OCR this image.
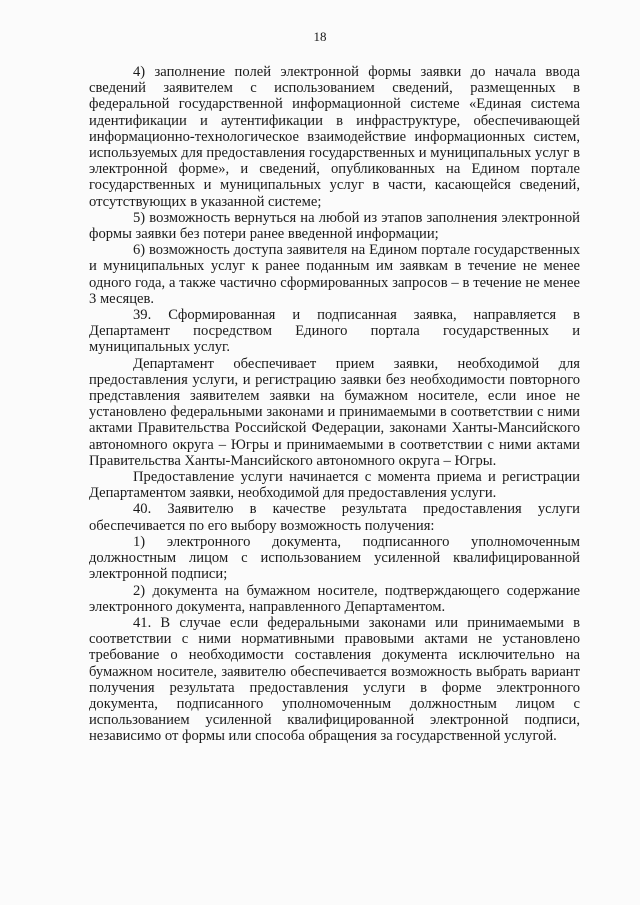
18

4) заполнение полей электронной формы заявки до начала ввода сведений заявителем с использованием сведений, размещенных в федеральной государственной информационной системе «Единая система идентификации и аутентификации в инфраструктуре, обеспечивающей информационно-технологическое взаимодействие информационных систем, используемых для предоставления государственных и муниципальных услуг в электронной форме», и сведений, опубликованных на Едином портале государственных и муниципальных услуг в части, касающейся сведений, отсутствующих в указанной системе;

5) возможность вернуться на любой из этапов заполнения электронной формы заявки без потери ранее введенной информации;

6) возможность доступа заявителя на Едином портале государственных и муниципальных услуг к ранее поданным им заявкам в течение не менее одного года, а также частично сформированных запросов – в течение не менее 3 месяцев.

39. Сформированная и подписанная заявка, направляется в Департамент посредством Единого портала государственных и муниципальных услуг.

Департамент обеспечивает прием заявки, необходимой для предоставления услуги, и регистрацию заявки без необходимости повторного представления заявителем заявки на бумажном носителе, если иное не установлено федеральными законами и принимаемыми в соответствии с ними актами Правительства Российской Федерации, законами Ханты-Мансийского автономного округа – Югры и принимаемыми в соответствии с ними актами Правительства Ханты-Мансийского автономного округа – Югры.

Предоставление услуги начинается с момента приема и регистрации Департаментом заявки, необходимой для предоставления услуги.

40. Заявителю в качестве результата предоставления услуги обеспечивается по его выбору возможность получения:

1) электронного документа, подписанного уполномоченным должностным лицом с использованием усиленной квалифицированной электронной подписи;

2) документа на бумажном носителе, подтверждающего содержание электронного документа, направленного Департаментом.

41. В случае если федеральными законами или принимаемыми в соответствии с ними нормативными правовыми актами не установлено требование о необходимости составления документа исключительно на бумажном носителе, заявителю обеспечивается возможность выбрать вариант получения результата предоставления услуги в форме электронного документа, подписанного уполномоченным должностным лицом с использованием усиленной квалифицированной электронной подписи, независимо от формы или способа обращения за государственной услугой.
